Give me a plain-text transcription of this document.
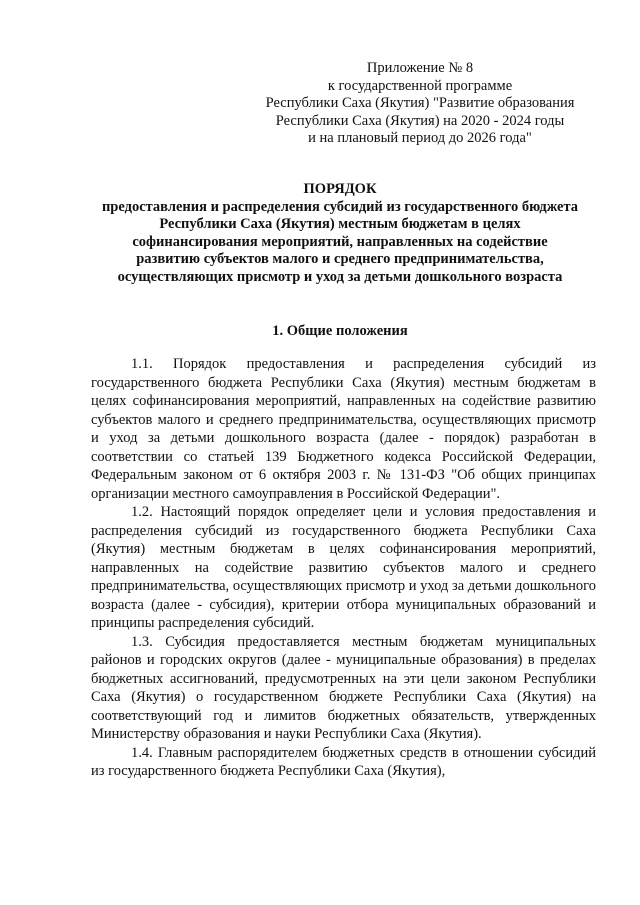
Приложение № 8
к государственной программе
Республики Саха (Якутия) "Развитие образования
Республики Саха (Якутия) на 2020 - 2024 годы
и на плановый период до 2026 года"
ПОРЯДОК
предоставления и распределения субсидий из государственного бюджета
Республики Саха (Якутия) местным бюджетам в целях
софинансирования мероприятий, направленных на содействие
развитию субъектов малого и среднего предпринимательства,
осуществляющих присмотр и уход за детьми дошкольного возраста
1. Общие положения

1.1. Порядок предоставления и распределения субсидий из государственного бюджета Республики Саха (Якутия) местным бюджетам в целях софинансирования мероприятий, направленных на содействие развитию субъектов малого и среднего предпринимательства, осуществляющих присмотр и уход за детьми дошкольного возраста (далее - порядок) разработан в соответствии со статьей 139 Бюджетного кодекса Российской Федерации, Федеральным законом от 6 октября 2003 г. № 131-ФЗ "Об общих принципах организации местного самоуправления в Российской Федерации".

1.2. Настоящий порядок определяет цели и условия предоставления и распределения субсидий из государственного бюджета Республики Саха (Якутия) местным бюджетам в целях софинансирования мероприятий, направленных на содействие развитию субъектов малого и среднего предпринимательства, осуществляющих присмотр и уход за детьми дошкольного возраста (далее - субсидия), критерии отбора муниципальных образований и принципы распределения субсидий.

1.3. Субсидия предоставляется местным бюджетам муниципальных районов и городских округов (далее - муниципальные образования) в пределах бюджетных ассигнований, предусмотренных на эти цели законом Республики Саха (Якутия) о государственном бюджете Республики Саха (Якутия) на соответствующий год и лимитов бюджетных обязательств, утвержденных Министерству образования и науки Республики Саха (Якутия).

1.4. Главным распорядителем бюджетных средств в отношении субсидий из государственного бюджета Республики Саха (Якутия),
